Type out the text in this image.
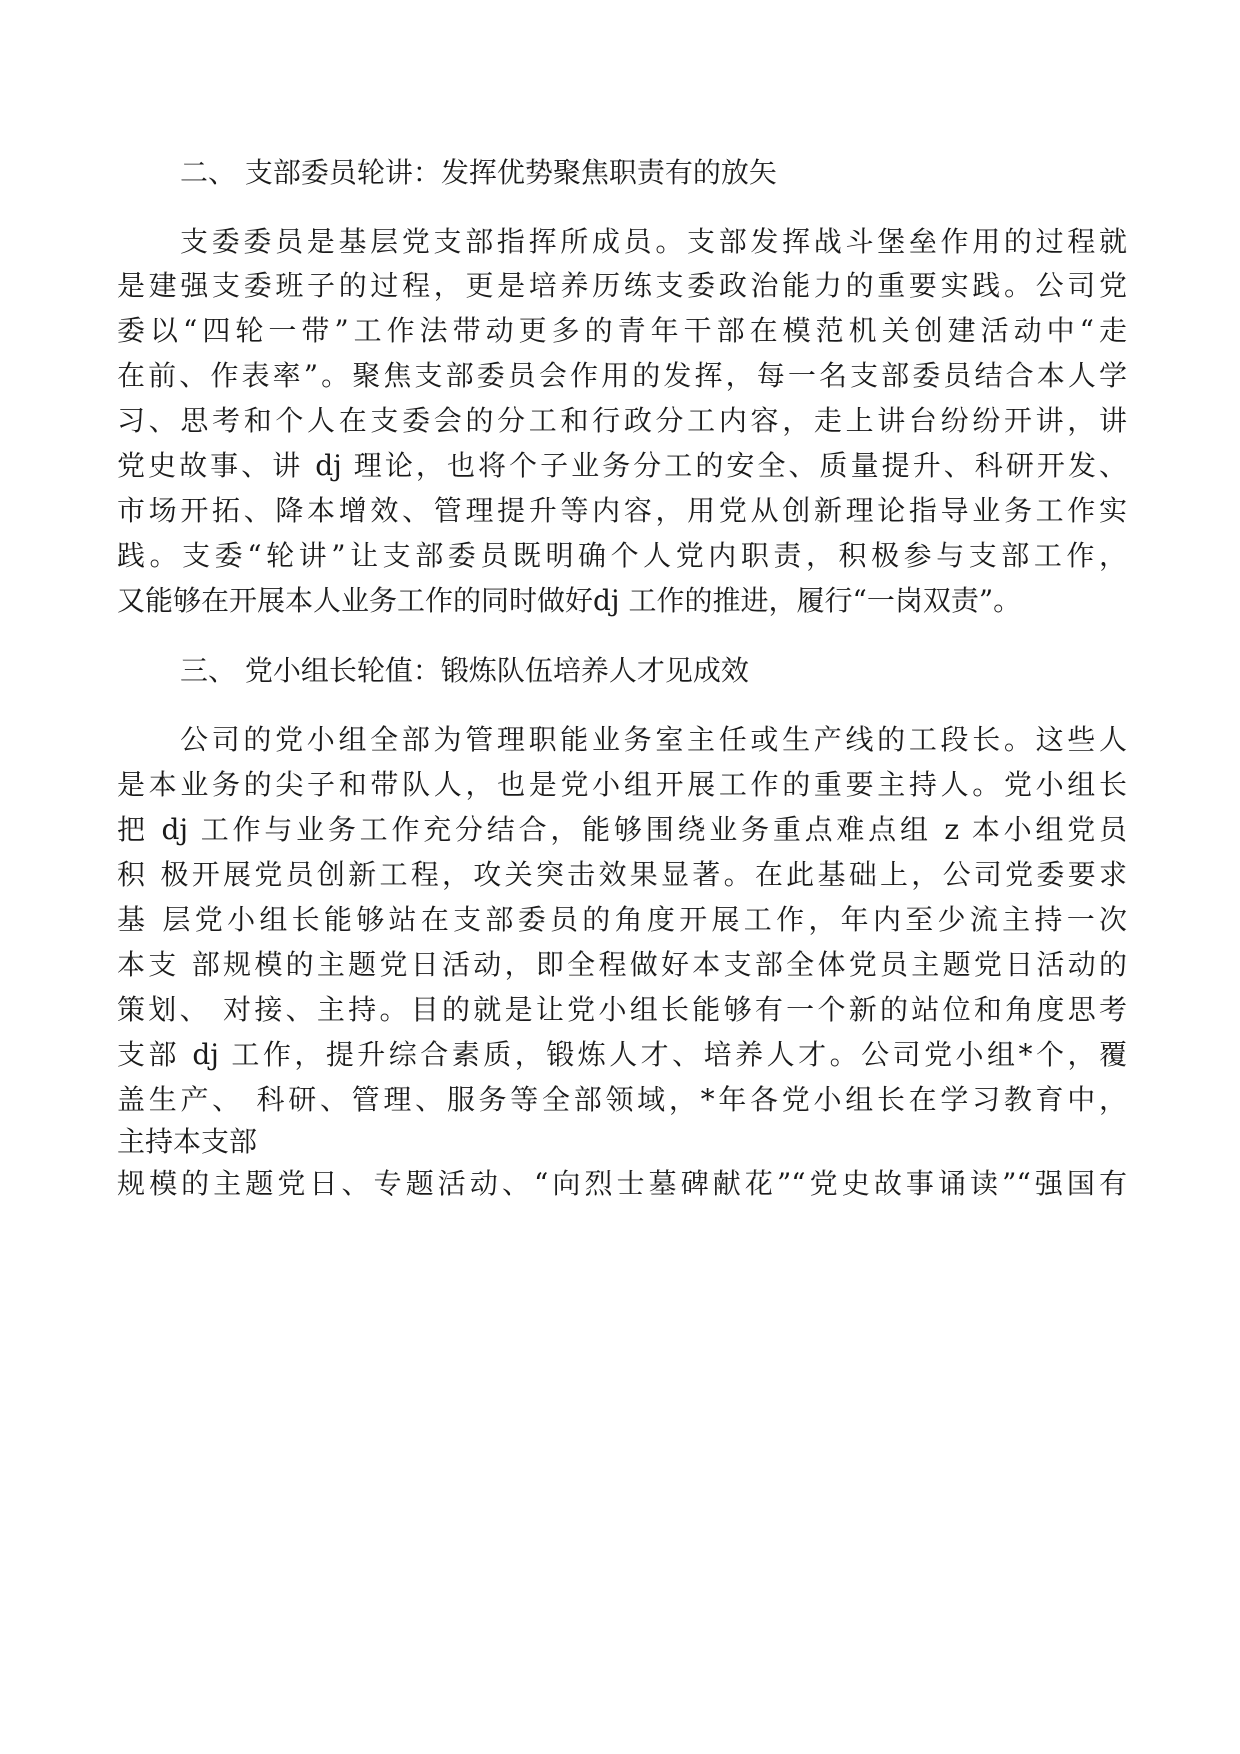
二、 支部委员轮讲：发挥优势聚焦职责有的放矢
支委委员是基层党支部指挥所成员。支部发挥战斗堡垒作用的过程就
是建强支委班子的过程，更是培养历练支委政治能力的重要实践。公司党
委以“四轮一带”工作法带动更多的青年干部在模范机关创建活动中“走
在前、作表率”。聚焦支部委员会作用的发挥，每一名支部委员结合本人学
习、思考和个人在支委会的分工和行政分工内容，走上讲台纷纷开讲，讲
党史故事、讲 dj 理论，也将个子业务分工的安全、质量提升、科研开发、
市场开拓、降本增效、管理提升等内容，用党从创新理论指导业务工作实
践。支委“轮讲”让支部委员既明确个人党内职责，积极参与支部工作，
又能够在开展本人业务工作的同时做好dj 工作的推进，履行“一岗双责”。
三、 党小组长轮值：锻炼队伍培养人才见成效
公司的党小组全部为管理职能业务室主任或生产线的工段长。这些人
是本业务的尖子和带队人，也是党小组开展工作的重要主持人。党小组长
把 dj 工作与业务工作充分结合，能够围绕业务重点难点组 z 本小组党员
积 极开展党员创新工程，攻关突击效果显著。在此基础上，公司党委要求
基 层党小组长能够站在支部委员的角度开展工作，年内至少流主持一次
本支 部规模的主题党日活动，即全程做好本支部全体党员主题党日活动的
策划、 对接、主持。目的就是让党小组长能够有一个新的站位和角度思考
支部 dj 工作，提升综合素质，锻炼人才、培养人才。公司党小组*个，覆
盖生产、 科研、管理、服务等全部领域，*年各党小组长在学习教育中，
主持本支部
规模的主题党日、专题活动、“向烈士墓碑献花”“党史故事诵读”“强国有
